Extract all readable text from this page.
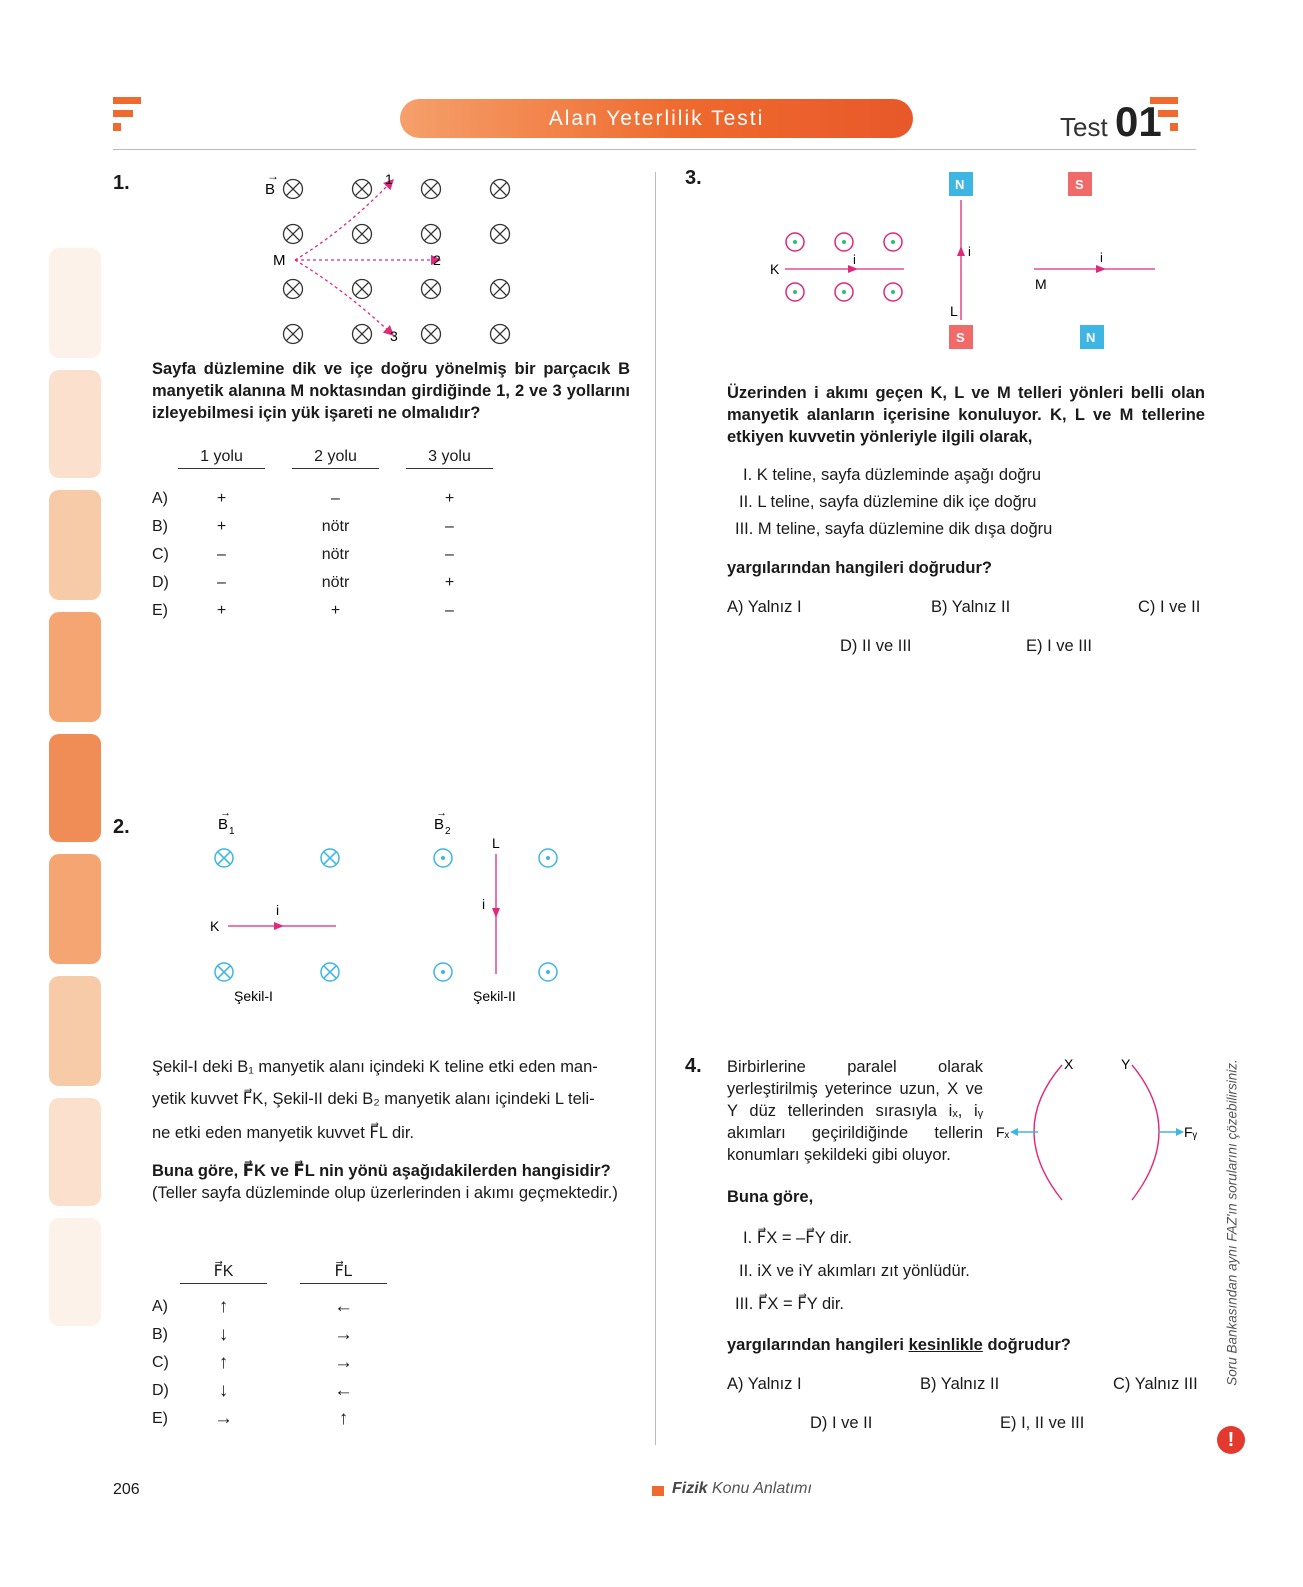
Alan Yeterlilik Testi	Test 01
1.	B
→
M
1
2
3
Sayfa düzlemine dik ve içe doğru yönelmiş bir parçacık B manyetik alanına M noktasından girdiğinde 1, 2 ve 3 yollarını izleyebilmesi için yük işareti ne olmalıdır?
1 yolu	2 yolu	3 yolu
A)	+	–	+
B)	+	nötr	–
C)	–	nötr	–
D)	–	nötr	+
E)	+	+	–
2.	B 1
→
K
i
Şekil-I
B 2
→
L
i
Şekil-II
Şekil-I deki B₁ manyetik alanı içindeki K teline etki eden man-
yetik kuvvet F⃗K, Şekil-II deki B₂ manyetik alanı içindeki L teli-
ne etki eden manyetik kuvvet F⃗L dir.
Buna göre, F⃗K ve F⃗L nin yönü aşağıdakilerden hangisidir?
(Teller sayfa düzleminde olup üzerlerinden i akımı geçmektedir.)
F⃗K	F⃗L
A)	↑	←
B)	↓	→
C)	↑	→
D)	↓	←
E)	→	↑
3.
K
i
N
S
i
L
S
N
i
M
Üzerinden i akımı geçen K, L ve M telleri yönleri belli olan manyetik alanların içerisine konuluyor. K, L ve M tellerine etkiyen kuvvetin yönleriyle ilgili olarak,
I. K teline, sayfa düzleminde aşağı doğru
II. L teline, sayfa düzlemine dik içe doğru
III. M teline, sayfa düzlemine dik dışa doğru
yargılarından hangileri doğrudur?
A) Yalnız I	B) Yalnız II	C) I ve II
D) II ve III	E) I ve III
4. Birbirlerine paralel olarak yerleştirilmiş yeterince uzun, X ve Y düz tellerinden sırasıyla iₓ, iᵧ akımları geçirildiğinde tellerin konumları şekildeki gibi oluyor.
X	Y
Fₓ	Fᵧ
Buna göre,
I. F⃗X = –F⃗Y dir.
II. iX ve iY akımları zıt yönlüdür.
III. F⃗X = F⃗Y dir.
yargılarından hangileri kesinlikle doğrudur?
A) Yalnız I	B) Yalnız II	C) Yalnız III
D) I ve II	E) I, II ve III
Soru Bankasından aynı FAZ'ın sorularını çözebilirsiniz.
!
206	Fizik Konu Anlatımı
